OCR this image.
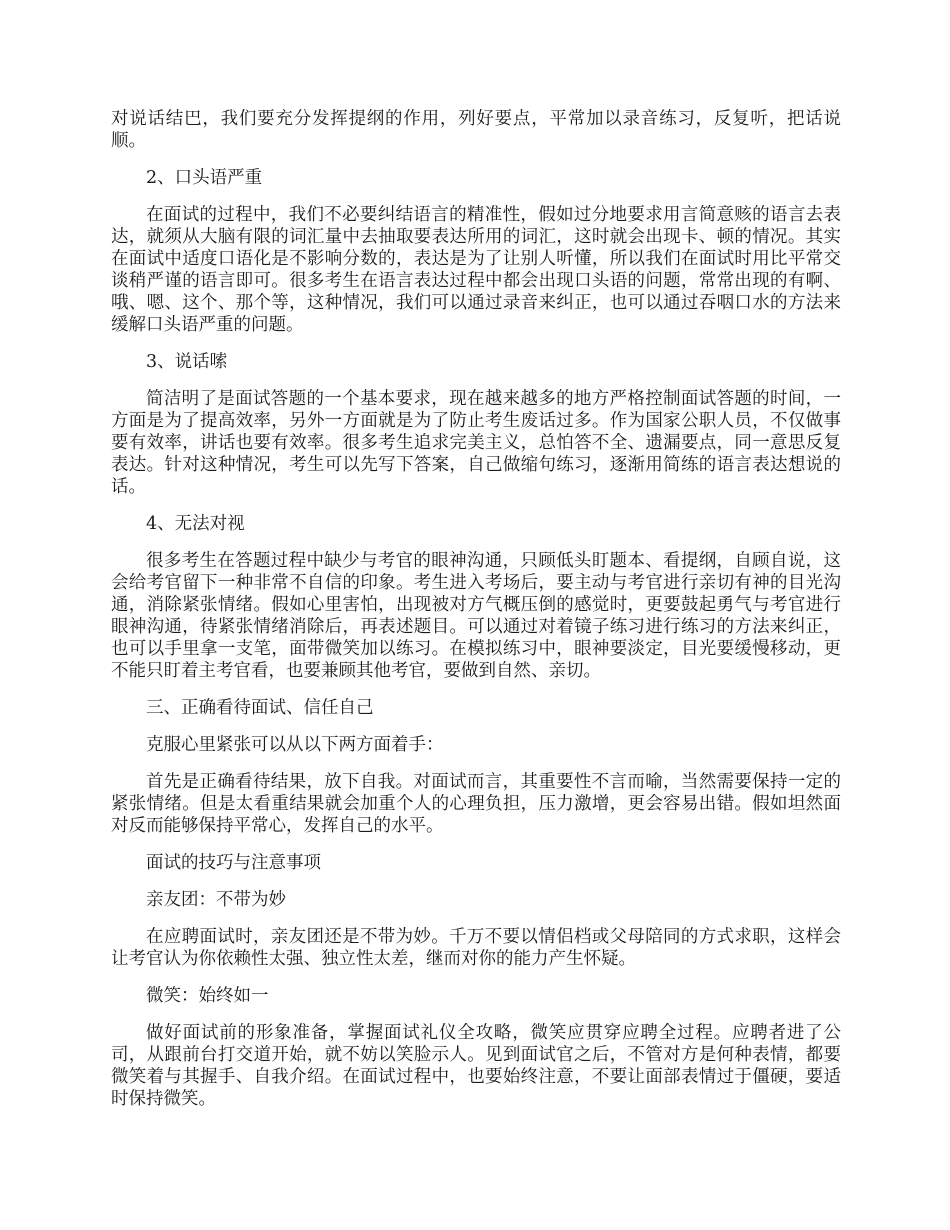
对说话结巴，我们要充分发挥提纲的作用，列好要点，平常加以录音练习，反复听，把话说顺。

2、口头语严重

在面试的过程中，我们不必要纠结语言的精准性，假如过分地要求用言简意赅的语言去表达，就须从大脑有限的词汇量中去抽取要表达所用的词汇，这时就会出现卡、顿的情况。其实在面试中适度口语化是不影响分数的，表达是为了让别人听懂，所以我们在面试时用比平常交谈稍严谨的语言即可。很多考生在语言表达过程中都会出现口头语的问题，常常出现的有啊、哦、嗯、这个、那个等，这种情况，我们可以通过录音来纠正，也可以通过吞咽口水的方法来缓解口头语严重的问题。

3、说话嗦

简洁明了是面试答题的一个基本要求，现在越来越多的地方严格控制面试答题的时间，一方面是为了提高效率，另外一方面就是为了防止考生废话过多。作为国家公职人员，不仅做事要有效率，讲话也要有效率。很多考生追求完美主义，总怕答不全、遗漏要点，同一意思反复表达。针对这种情况，考生可以先写下答案，自己做缩句练习，逐渐用简练的语言表达想说的话。

4、无法对视

很多考生在答题过程中缺少与考官的眼神沟通，只顾低头盯题本、看提纲，自顾自说，这会给考官留下一种非常不自信的印象。考生进入考场后，要主动与考官进行亲切有神的目光沟通，消除紧张情绪。假如心里害怕，出现被对方气概压倒的感觉时，更要鼓起勇气与考官进行眼神沟通，待紧张情绪消除后，再表述题目。可以通过对着镜子练习进行练习的方法来纠正，也可以手里拿一支笔，面带微笑加以练习。在模拟练习中，眼神要淡定，目光要缓慢移动，更不能只盯着主考官看，也要兼顾其他考官，要做到自然、亲切。

三、正确看待面试、信任自己

克服心里紧张可以从以下两方面着手：

首先是正确看待结果，放下自我。对面试而言，其重要性不言而喻，当然需要保持一定的紧张情绪。但是太看重结果就会加重个人的心理负担，压力激增，更会容易出错。假如坦然面对反而能够保持平常心，发挥自己的水平。

面试的技巧与注意事项

亲友团：不带为妙

在应聘面试时，亲友团还是不带为妙。千万不要以情侣档或父母陪同的方式求职，这样会让考官认为你依赖性太强、独立性太差，继而对你的能力产生怀疑。

微笑：始终如一

做好面试前的形象准备，掌握面试礼仪全攻略，微笑应贯穿应聘全过程。应聘者进了公司，从跟前台打交道开始，就不妨以笑脸示人。见到面试官之后，不管对方是何种表情，都要微笑着与其握手、自我介绍。在面试过程中，也要始终注意，不要让面部表情过于僵硬，要适时保持微笑。
